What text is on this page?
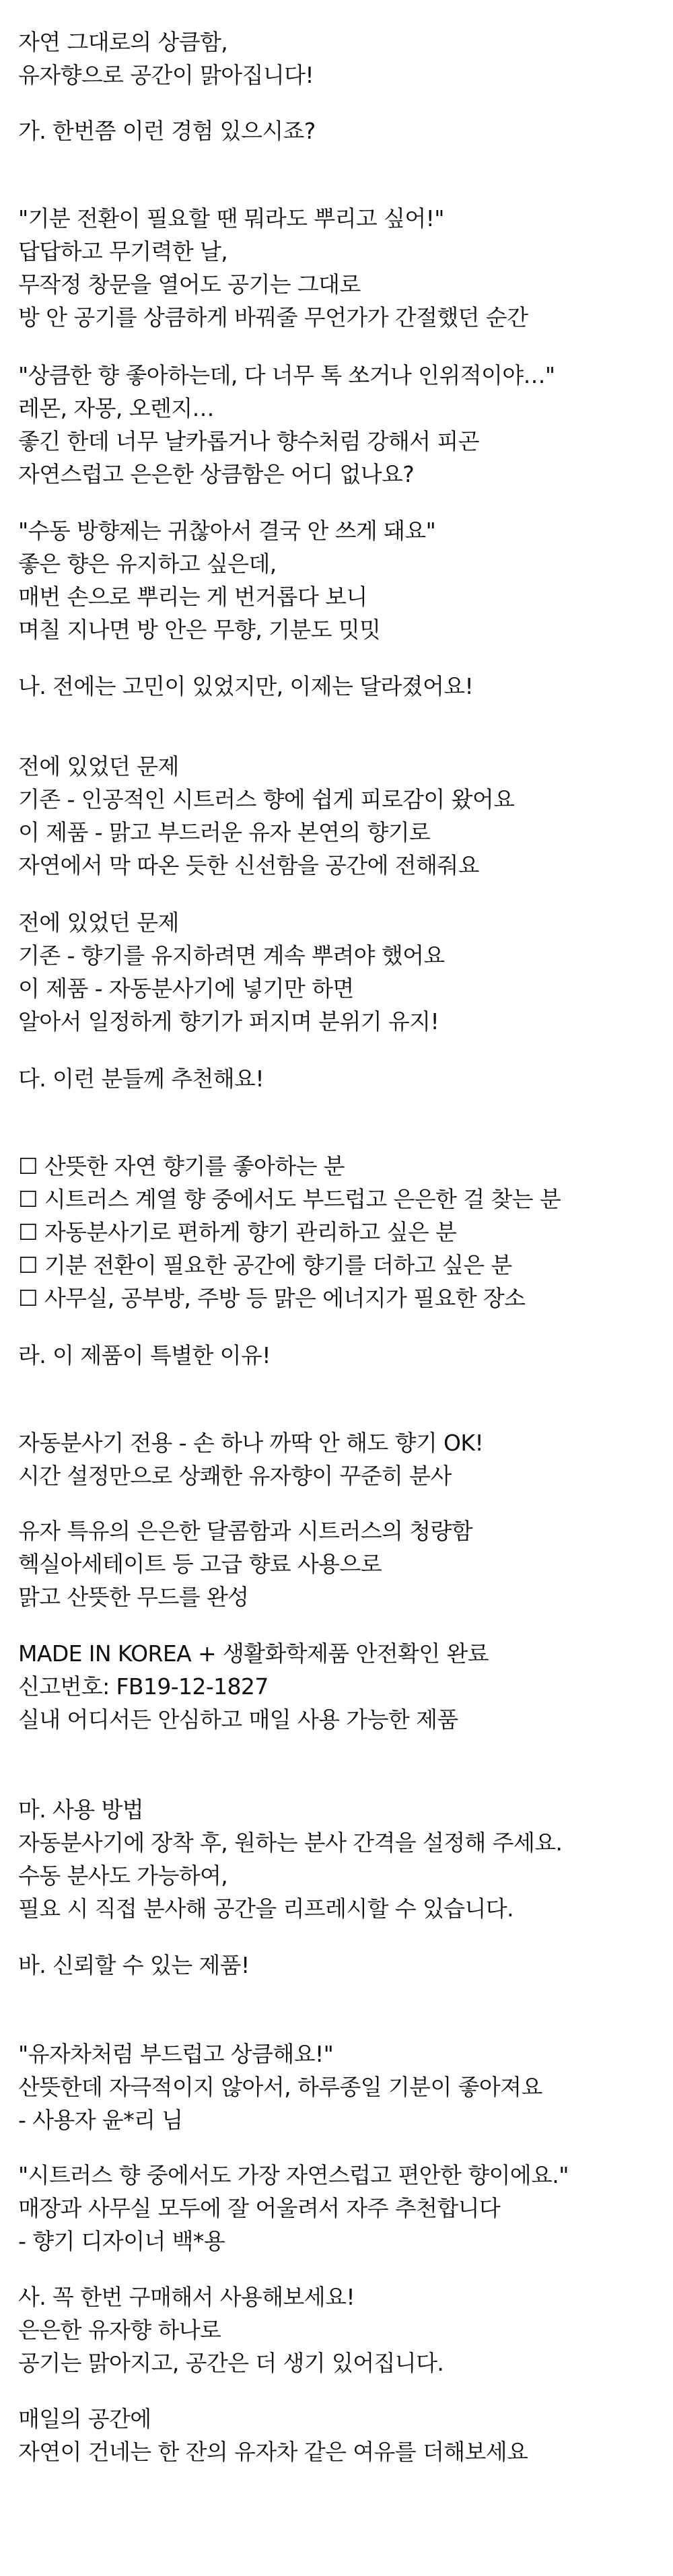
자연 그대로의 상큼함,
유자향으로 공간이 맑아집니다!
가. 한번쯤 이런 경험 있으시죠?
"기분 전환이 필요할 땐 뭐라도 뿌리고 싶어!"
답답하고 무기력한 날,
무작정 창문을 열어도 공기는 그대로
방 안 공기를 상큼하게 바꿔줄 무언가가 간절했던 순간
"상큼한 향 좋아하는데, 다 너무 톡 쏘거나 인위적이야…"
레몬, 자몽, 오렌지…
좋긴 한데 너무 날카롭거나 향수처럼 강해서 피곤
자연스럽고 은은한 상큼함은 어디 없나요?
"수동 방향제는 귀찮아서 결국 안 쓰게 돼요"
좋은 향은 유지하고 싶은데,
매번 손으로 뿌리는 게 번거롭다 보니
며칠 지나면 방 안은 무향, 기분도 밋밋
나. 전에는 고민이 있었지만, 이제는 달라졌어요!
전에 있었던 문제
기존 - 인공적인 시트러스 향에 쉽게 피로감이 왔어요
이 제품 - 맑고 부드러운 유자 본연의 향기로
자연에서 막 따온 듯한 신선함을 공간에 전해줘요
전에 있었던 문제
기존 - 향기를 유지하려면 계속 뿌려야 했어요
이 제품 - 자동분사기에 넣기만 하면
알아서 일정하게 향기가 퍼지며 분위기 유지!
다. 이런 분들께 추천해요!
☐ 산뜻한 자연 향기를 좋아하는 분
☐ 시트러스 계열 향 중에서도 부드럽고 은은한 걸 찾는 분
☐ 자동분사기로 편하게 향기 관리하고 싶은 분
☐ 기분 전환이 필요한 공간에 향기를 더하고 싶은 분
☐ 사무실, 공부방, 주방 등 맑은 에너지가 필요한 장소
라. 이 제품이 특별한 이유!
자동분사기 전용 - 손 하나 까딱 안 해도 향기 OK!
시간 설정만으로 상쾌한 유자향이 꾸준히 분사
유자 특유의 은은한 달콤함과 시트러스의 청량함
헥실아세테이트 등 고급 향료 사용으로
맑고 산뜻한 무드를 완성
MADE IN KOREA + 생활화학제품 안전확인 완료
신고번호: FB19-12-1827
실내 어디서든 안심하고 매일 사용 가능한 제품
마. 사용 방법
자동분사기에 장착 후, 원하는 분사 간격을 설정해 주세요.
수동 분사도 가능하여,
필요 시 직접 분사해 공간을 리프레시할 수 있습니다.
바. 신뢰할 수 있는 제품!
"유자차처럼 부드럽고 상큼해요!"
산뜻한데 자극적이지 않아서, 하루종일 기분이 좋아져요
- 사용자 윤*리 님
"시트러스 향 중에서도 가장 자연스럽고 편안한 향이에요."
매장과 사무실 모두에 잘 어울려서 자주 추천합니다
- 향기 디자이너 백*용
사. 꼭 한번 구매해서 사용해보세요!
은은한 유자향 하나로
공기는 맑아지고, 공간은 더 생기 있어집니다.
매일의 공간에
자연이 건네는 한 잔의 유자차 같은 여유를 더해보세요
